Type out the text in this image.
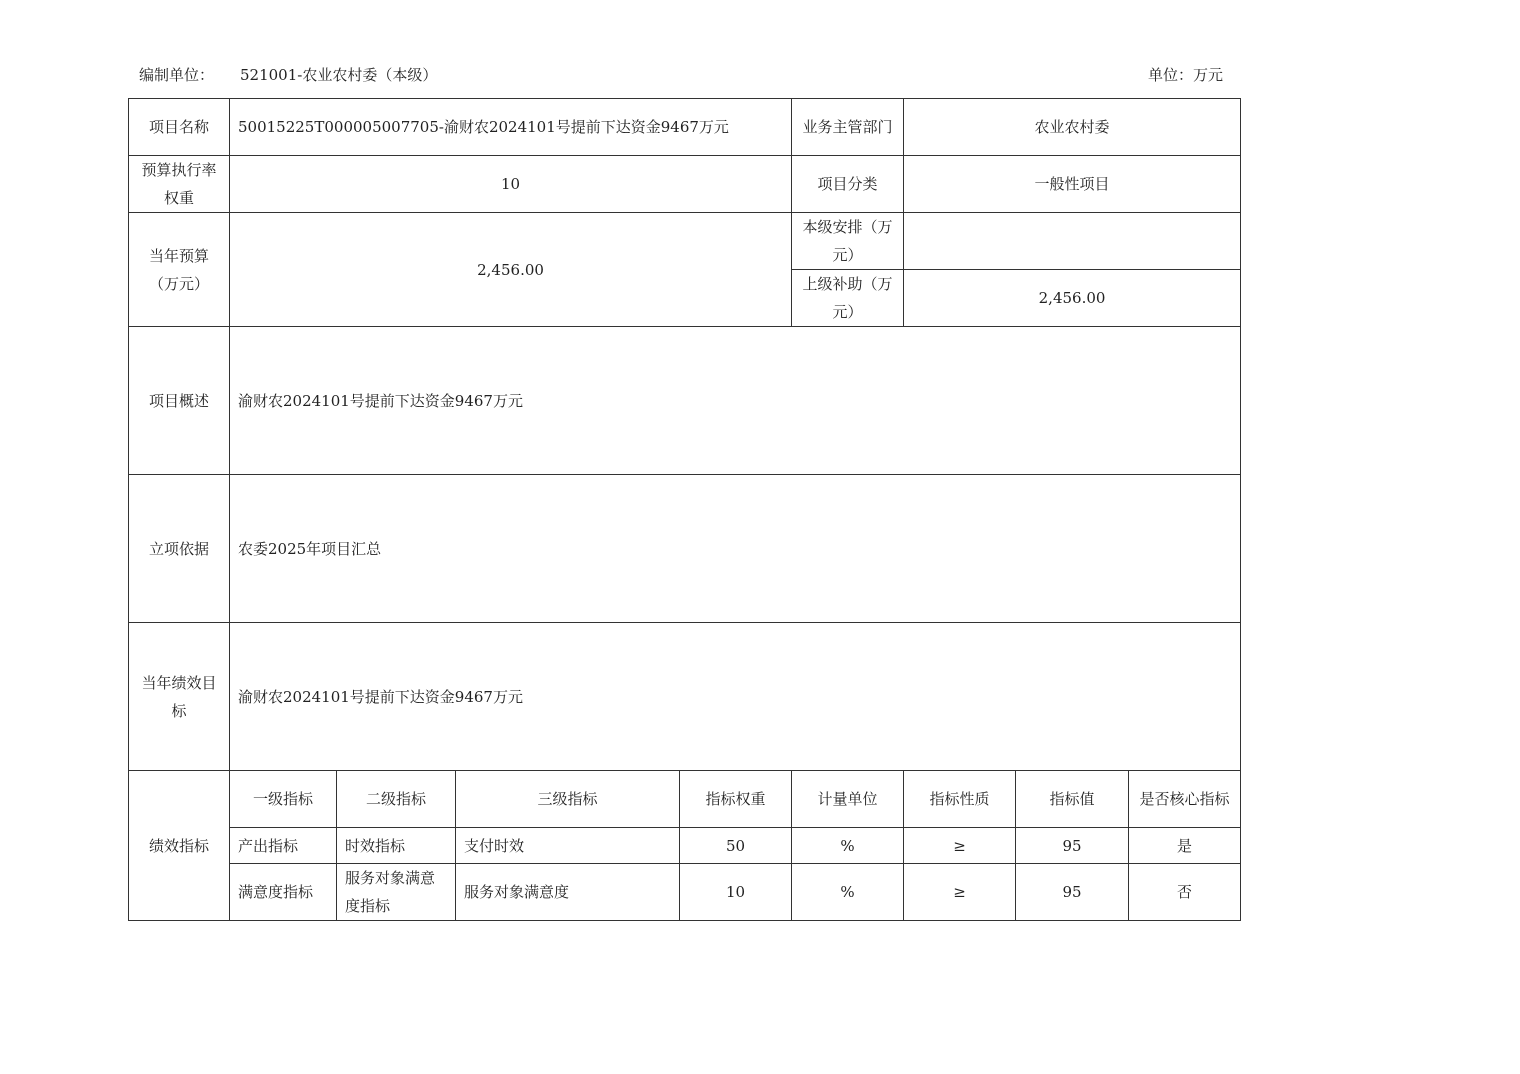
编制单位： 521001-农业农村委（本级）	单位：万元
项目名称	50015225T000005007705-渝财农2024101号提前下达资金9467万元				业务主管部门	农业农村委		
预算执行率权重	10				项目分类	一般性项目		
当年预算（万元）	2,456.00				本级安排（万元）			
					上级补助（万元）	2,456.00		
项目概述	渝财农2024101号提前下达资金9467万元							
立项依据	农委2025年项目汇总							
当年绩效目标	渝财农2024101号提前下达资金9467万元							
绩效指标	一级指标	二级指标	三级指标	指标权重	计量单位	指标性质	指标值	是否核心指标
	产出指标	时效指标	支付时效	50	%	≥	95	是
	满意度指标	服务对象满意度指标	服务对象满意度	10	%	≥	95	否
